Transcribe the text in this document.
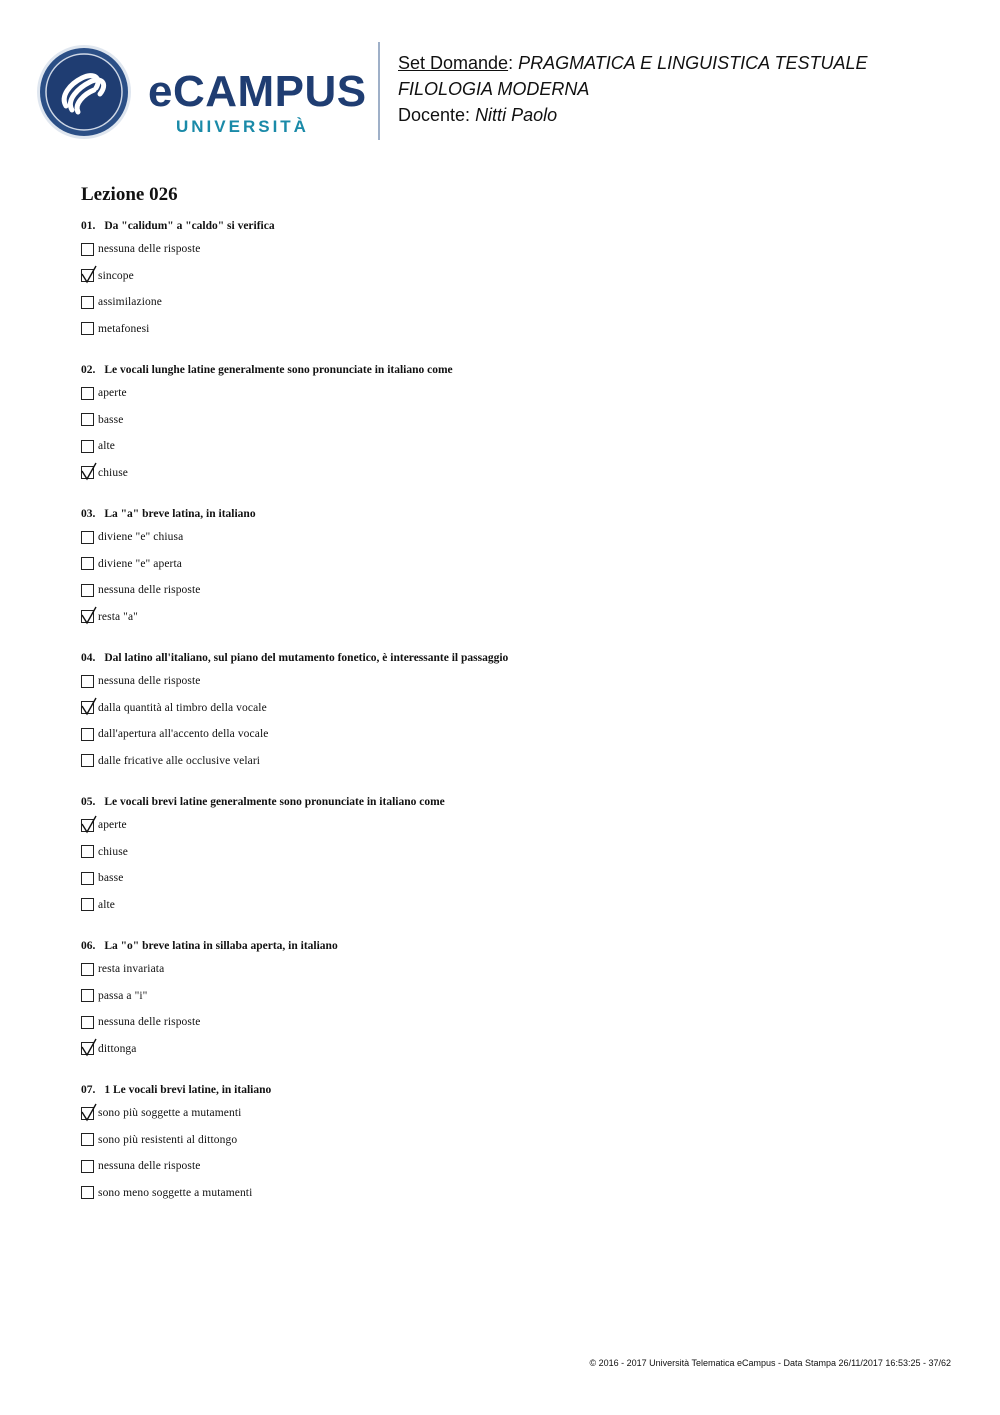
eCAMPUS
UNIVERSITÀ
Set Domande: PRAGMATICA E LINGUISTICA TESTUALE
FILOLOGIA MODERNA
Docente: Nitti Paolo
Lezione 026
01. Da "calidum" a "caldo" si verifica
nessuna delle risposte
sincope
assimilazione
metafonesi
02. Le vocali lunghe latine generalmente sono pronunciate in italiano come
aperte
basse
alte
chiuse
03. La "a" breve latina, in italiano
diviene "e" chiusa
diviene "e" aperta
nessuna delle risposte
resta "a"
04. Dal latino all'italiano, sul piano del mutamento fonetico, è interessante il passaggio
nessuna delle risposte
dalla quantità al timbro della vocale
dall'apertura all'accento della vocale
dalle fricative alle occlusive velari
05. Le vocali brevi latine generalmente sono pronunciate in italiano come
aperte
chiuse
basse
alte
06. La "o" breve latina in sillaba aperta, in italiano
resta invariata
passa a "i"
nessuna delle risposte
dittonga
07. 1 Le vocali brevi latine, in italiano
sono più soggette a mutamenti
sono più resistenti al dittongo
nessuna delle risposte
sono meno soggette a mutamenti
© 2016 - 2017 Università Telematica eCampus - Data Stampa 26/11/2017 16:53:25 - 37/62
